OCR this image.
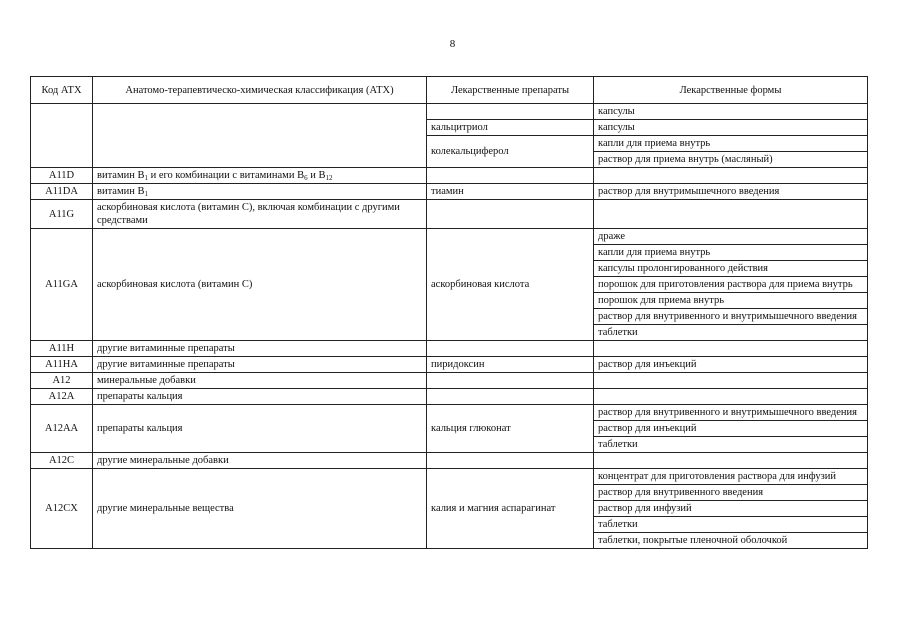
8
Код АТХ	Анатомо-терапевтическо-химическая классификация (АТХ)	Лекарственные препараты	Лекарственные формы
			капсулы
		кальцитриол	капсулы
		колекальциферол	капли для приема внутрь
			раствор для приема внутрь (масляный)
A11D	витамин $B_1$ и его комбинации с витаминами $B_6$ и $B_{12}$		
A11DA	витамин $B_1$	тиамин	раствор для внутримышечного введения
A11G	аскорбиновая кислота (витамин C), включая комбинации с другими средствами		
A11GA	аскорбиновая кислота (витамин C)	аскорбиновая кислота	драже
			капли для приема внутрь
			капсулы пролонгированного действия
			порошок для приготовления раствора для приема внутрь
			порошок для приема внутрь
			раствор для внутривенного и внутримышечного введения
			таблетки
A11H	другие витаминные препараты		
A11HA	другие витаминные препараты	пиридоксин	раствор для инъекций
A12	минеральные добавки		
A12A	препараты кальция		
A12AA	препараты кальция	кальция глюконат	раствор для внутривенного и внутримышечного введения
			раствор для инъекций
			таблетки
A12C	другие минеральные добавки		
A12CX	другие минеральные вещества	калия и магния аспарагинат	концентрат для приготовления раствора для инфузий
			раствор для внутривенного введения
			раствор для инфузий
			таблетки
			таблетки, покрытые пленочной оболочкой
